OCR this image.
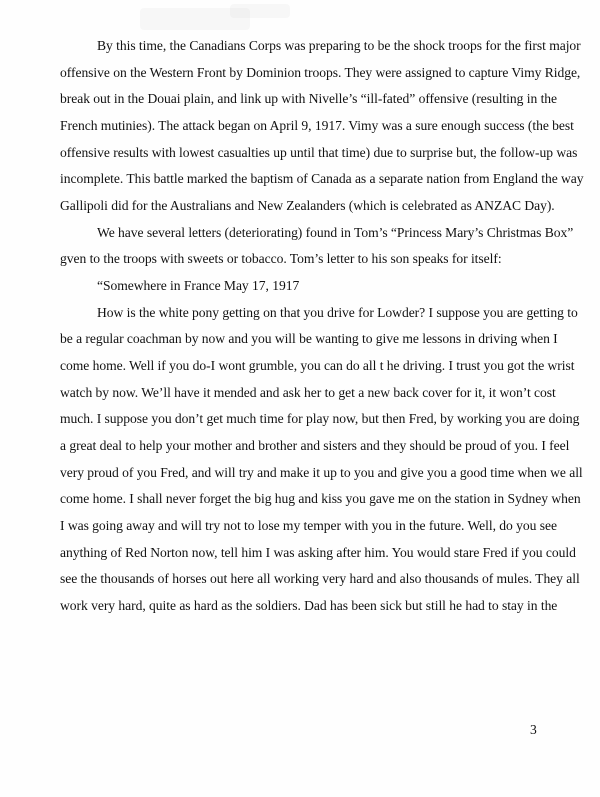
By this time, the Canadians Corps was preparing to be the shock troops for the first major
offensive on the Western Front by Dominion troops. They were assigned to capture Vimy Ridge,
break out in the Douai plain, and link up with Nivelle’s “ill-fated” offensive (resulting in the
French mutinies). The attack began on April 9, 1917. Vimy was a sure enough success (the best
offensive results with lowest casualties up until that time) due to surprise but, the follow-up was
incomplete. This battle marked the baptism of Canada as a separate nation from England the way
Gallipoli did for the Australians and New Zealanders (which is celebrated as ANZAC Day).
We have several letters (deteriorating) found in Tom’s “Princess Mary’s Christmas Box”
gven to the troops with sweets or tobacco. Tom’s letter to his son speaks for itself:
“Somewhere in France May 17, 1917
How is the white pony getting on that you drive for Lowder? I suppose you are getting to
be a regular coachman by now and you will be wanting to give me lessons in driving when I
come home. Well if you do-I wont grumble, you can do all t he driving. I trust you got the wrist
watch by now. We’ll have it mended and ask her to get a new back cover for it, it won’t cost
much. I suppose you don’t get much time for play now, but then Fred, by working you are doing
a great deal to help your mother and brother and sisters and they should be proud of you. I feel
very proud of you Fred, and will try and make it up to you and give you a good time when we all
come home. I shall never forget the big hug and kiss you gave me on the station in Sydney when
I was going away and will try not to lose my temper with you in the future. Well, do you see
anything of Red Norton now, tell him I was asking after him. You would stare Fred if you could
see the thousands of horses out here all working very hard and also thousands of mules. They all
work very hard, quite as hard as the soldiers. Dad has been sick but still he had to stay in the
3
